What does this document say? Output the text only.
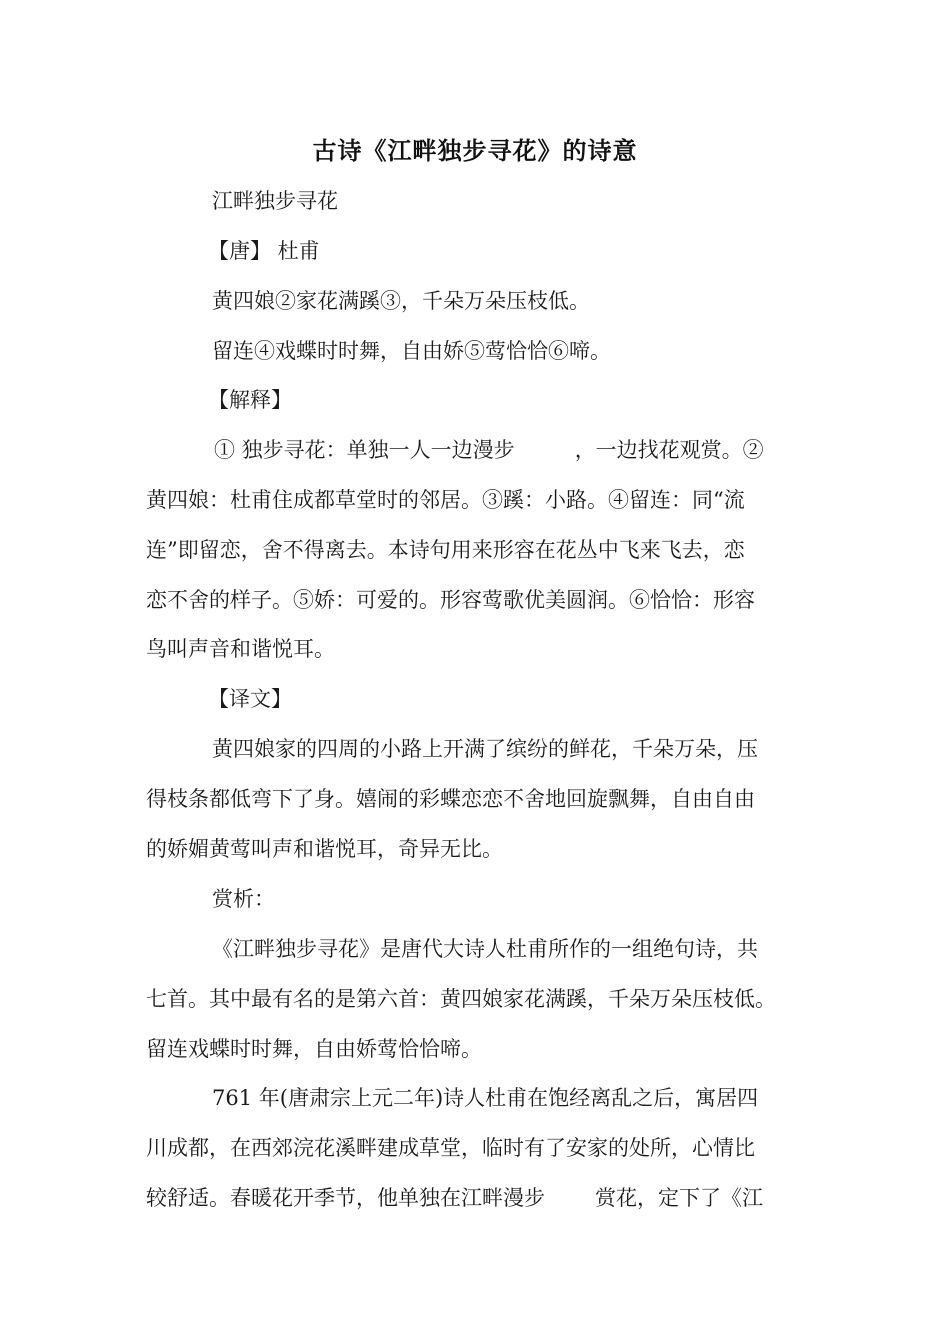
古诗《江畔独步寻花》的诗意
江畔独步寻花
【唐】 杜甫
黄四娘②家花满蹊③，千朵万朵压枝低。
留连④戏蝶时时舞，自由娇⑤莺恰恰⑥啼。
【解释】
① 独步寻花：单独一人一边漫步	，一边找花观赏。②
黄四娘：杜甫住成都草堂时的邻居。③蹊：小路。④留连：同“流
连”即留恋，舍不得离去。本诗句用来形容在花丛中飞来飞去，恋
恋不舍的样子。⑤娇：可爱的。形容莺歌优美圆润。⑥恰恰：形容
鸟叫声音和谐悦耳。
【译文】
黄四娘家的四周的小路上开满了缤纷的鲜花，千朵万朵，压
得枝条都低弯下了身。嬉闹的彩蝶恋恋不舍地回旋飘舞，自由自由
的娇媚黄莺叫声和谐悦耳，奇异无比。
赏析：
《江畔独步寻花》是唐代大诗人杜甫所作的一组绝句诗，共
七首。其中最有名的是第六首：黄四娘家花满蹊，千朵万朵压枝低。
留连戏蝶时时舞，自由娇莺恰恰啼。
761 年(唐肃宗上元二年)诗人杜甫在饱经离乱之后，寓居四
川成都，在西郊浣花溪畔建成草堂，临时有了安家的处所，心情比
较舒适。春暖花开季节，他单独在江畔漫步 赏花，定下了《江
